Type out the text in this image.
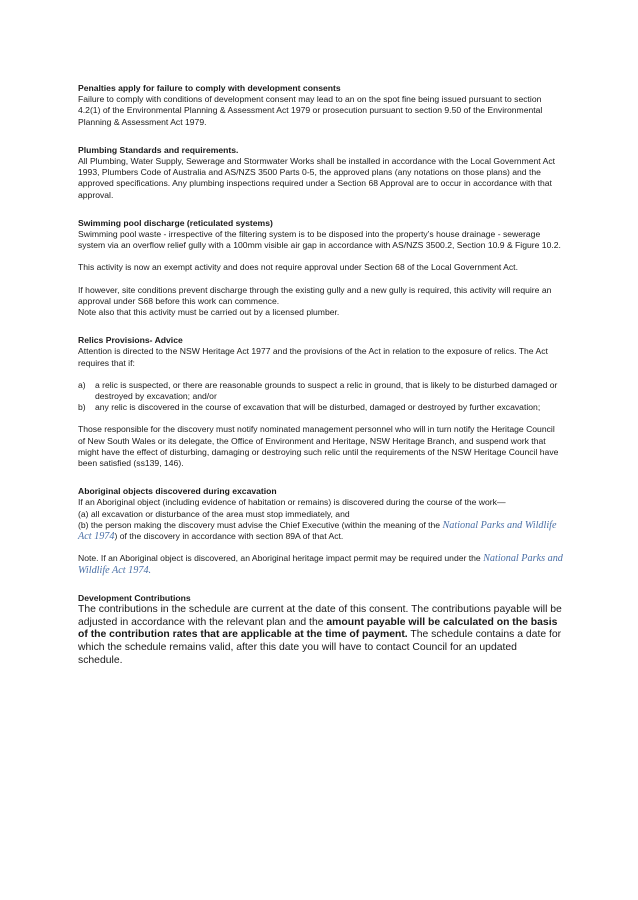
Penalties apply for failure to comply with development consents

Failure to comply with conditions of development consent may lead to an on the spot fine being issued pursuant to section 4.2(1) of the Environmental Planning & Assessment Act 1979 or prosecution pursuant to section 9.50 of the Environmental Planning & Assessment Act 1979.

Plumbing Standards and requirements.

All Plumbing, Water Supply, Sewerage and Stormwater Works shall be installed in accordance with the Local Government Act 1993, Plumbers Code of Australia and AS/NZS 3500 Parts 0-5, the approved plans (any notations on those plans) and the approved specifications. Any plumbing inspections required under a Section 68 Approval are to occur in accordance with that approval.

Swimming pool discharge (reticulated systems)

Swimming pool waste - irrespective of the filtering system is to be disposed into the property’s house drainage - sewerage system via an overflow relief gully with a 100mm visible air gap in accordance with AS/NZS 3500.2, Section 10.9 & Figure 10.2.

This activity is now an exempt activity and does not require approval under Section 68 of the Local Government Act.

If however, site conditions prevent discharge through the existing gully and a new gully is required, this activity will require an approval under S68 before this work can commence.

Note also that this activity must be carried out by a licensed plumber.

Relics Provisions- Advice

Attention is directed to the NSW Heritage Act 1977 and the provisions of the Act in relation to the exposure of relics. The Act requires that if:

a) a relic is suspected, or there are reasonable grounds to suspect a relic in ground, that is likely to be disturbed damaged or destroyed by excavation; and/or
b) any relic is discovered in the course of excavation that will be disturbed, damaged or destroyed by further excavation;

Those responsible for the discovery must notify nominated management personnel who will in turn notify the Heritage Council of New South Wales or its delegate, the Office of Environment and Heritage, NSW Heritage Branch, and suspend work that might have the effect of disturbing, damaging or destroying such relic until the requirements of the NSW Heritage Council have been satisfied (ss139, 146).

Aboriginal objects discovered during excavation

If an Aboriginal object (including evidence of habitation or remains) is discovered during the course of the work—

(a) all excavation or disturbance of the area must stop immediately, and

(b) the person making the discovery must advise the Chief Executive (within the meaning of the National Parks and Wildlife Act 1974) of the discovery in accordance with section 89A of that Act.

Note. If an Aboriginal object is discovered, an Aboriginal heritage impact permit may be required under the National Parks and Wildlife Act 1974.

Development Contributions

The contributions in the schedule are current at the date of this consent. The contributions payable will be adjusted in accordance with the relevant plan and the amount payable will be calculated on the basis of the contribution rates that are applicable at the time of payment. The schedule contains a date for which the schedule remains valid, after this date you will have to contact Council for an updated schedule.
